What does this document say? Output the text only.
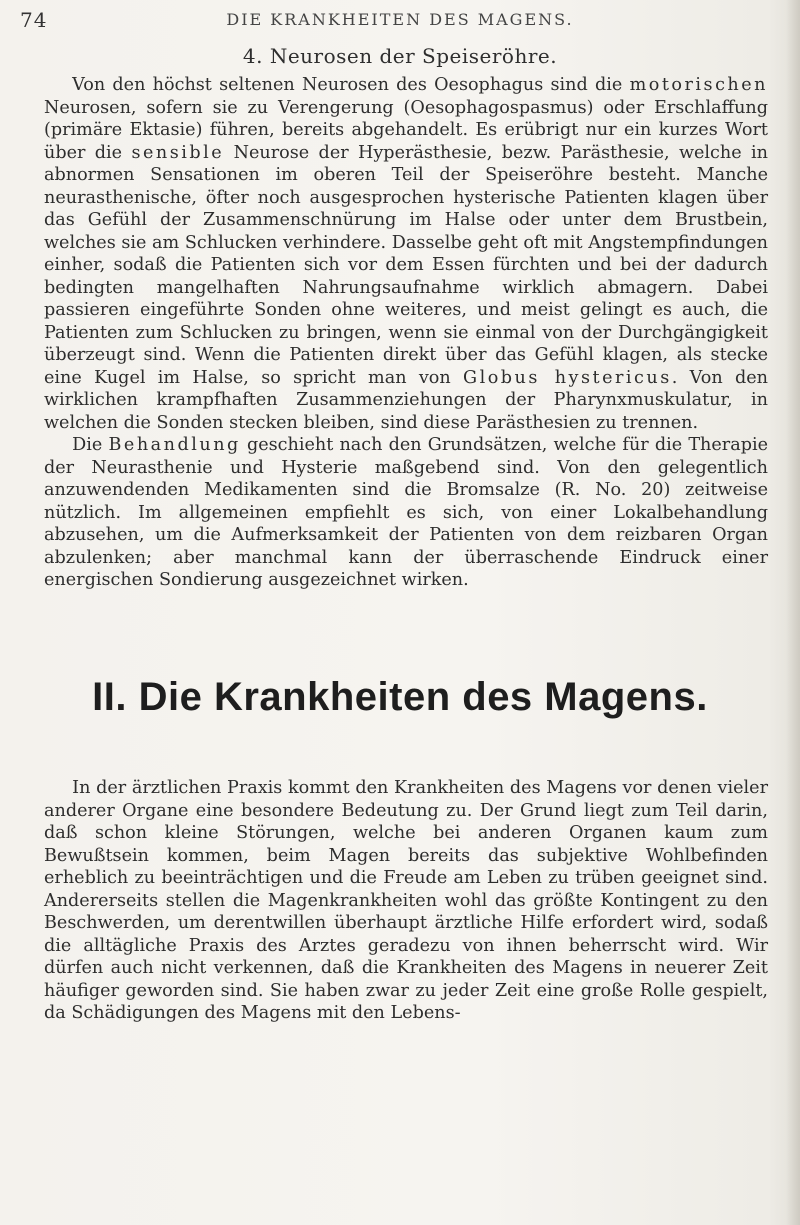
74	DIE KRANKHEITEN DES MAGENS.
4. Neurosen der Speiseröhre.

Von den höchst seltenen Neurosen des Oesophagus sind die motorischen Neurosen, sofern sie zu Verengerung (Oesophagospasmus) oder Erschlaffung (primäre Ektasie) führen, bereits abgehandelt. Es erübrigt nur ein kurzes Wort über die sensible Neurose der Hyperästhesie, bezw. Parästhesie, welche in abnormen Sensationen im oberen Teil der Speiseröhre besteht. Manche neurasthenische, öfter noch ausgesprochen hysterische Patienten klagen über das Gefühl der Zusammenschnürung im Halse oder unter dem Brustbein, welches sie am Schlucken verhindere. Dasselbe geht oft mit Angstempfindungen einher, sodaß die Patienten sich vor dem Essen fürchten und bei der dadurch bedingten mangelhaften Nahrungsaufnahme wirklich abmagern. Dabei passieren eingeführte Sonden ohne weiteres, und meist gelingt es auch, die Patienten zum Schlucken zu bringen, wenn sie einmal von der Durchgängigkeit überzeugt sind. Wenn die Patienten direkt über das Gefühl klagen, als stecke eine Kugel im Halse, so spricht man von Globus hystericus. Von den wirklichen krampfhaften Zusammenziehungen der Pharynxmuskulatur, in welchen die Sonden stecken bleiben, sind diese Parästhesien zu trennen.

Die Behandlung geschieht nach den Grundsätzen, welche für die Therapie der Neurasthenie und Hysterie maßgebend sind. Von den gelegentlich anzuwendenden Medikamenten sind die Bromsalze (R. No. 20) zeitweise nützlich. Im allgemeinen empfiehlt es sich, von einer Lokalbehandlung abzusehen, um die Aufmerksamkeit der Patienten von dem reizbaren Organ abzulenken; aber manchmal kann der überraschende Eindruck einer energischen Sondierung ausgezeichnet wirken.

II. Die Krankheiten des Magens.

In der ärztlichen Praxis kommt den Krankheiten des Magens vor denen vieler anderer Organe eine besondere Bedeutung zu. Der Grund liegt zum Teil darin, daß schon kleine Störungen, welche bei anderen Organen kaum zum Bewußtsein kommen, beim Magen bereits das subjektive Wohlbefinden erheblich zu beeinträchtigen und die Freude am Leben zu trüben geeignet sind. Andererseits stellen die Magenkrankheiten wohl das größte Kontingent zu den Beschwerden, um derentwillen überhaupt ärztliche Hilfe erfordert wird, sodaß die alltägliche Praxis des Arztes geradezu von ihnen beherrscht wird. Wir dürfen auch nicht verkennen, daß die Krankheiten des Magens in neuerer Zeit häufiger geworden sind. Sie haben zwar zu jeder Zeit eine große Rolle gespielt, da Schädigungen des Magens mit den Lebens-
